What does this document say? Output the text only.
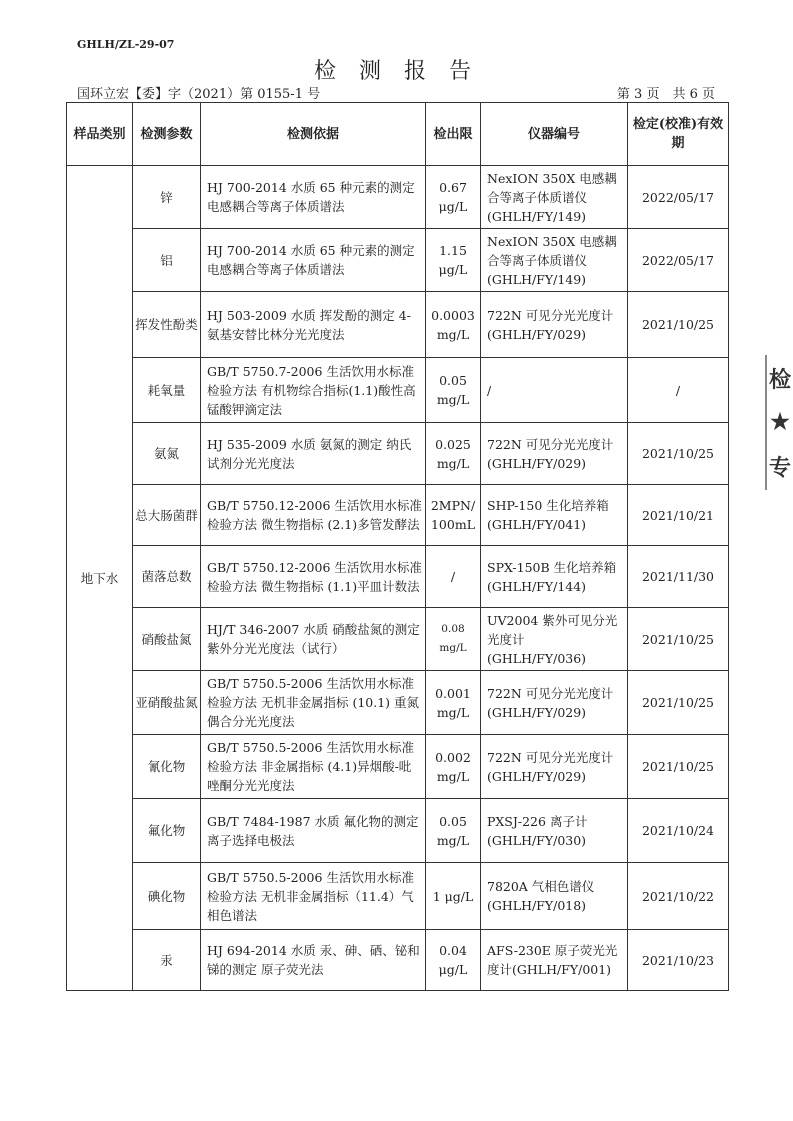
GHLH/ZL-29-07
检 测 报 告
国环立宏【委】字（2021）第 0155-1 号	第 3 页　共 6 页
样品类别	检测参数	检测依据	检出限	仪器编号	检定(校准)有效期
地下水	锌	HJ 700-2014 水质 65 种元素的测定 电感耦合等离子体质谱法	0.67 μg/L	NexION 350X 电感耦合等离子体质谱仪 (GHLH/FY/149)	2022/05/17
	铝	HJ 700-2014 水质 65 种元素的测定 电感耦合等离子体质谱法	1.15 μg/L	NexION 350X 电感耦合等离子体质谱仪 (GHLH/FY/149)	2022/05/17
	挥发性酚类	HJ 503-2009 水质 挥发酚的测定 4-氨基安替比林分光光度法	0.0003 mg/L	722N 可见分光光度计 (GHLH/FY/029)	2021/10/25
	耗氧量	GB/T 5750.7-2006 生活饮用水标准检验方法 有机物综合指标(1.1)酸性高锰酸钾滴定法	0.05 mg/L	/	/
	氨氮	HJ 535-2009 水质 氨氮的测定 纳氏试剂分光光度法	0.025 mg/L	722N 可见分光光度计 (GHLH/FY/029)	2021/10/25
	总大肠菌群	GB/T 5750.12-2006 生活饮用水标准检验方法 微生物指标 (2.1)多管发酵法	2MPN/ 100mL	SHP-150 生化培养箱 (GHLH/FY/041)	2021/10/21
	菌落总数	GB/T 5750.12-2006 生活饮用水标准检验方法 微生物指标 (1.1)平皿计数法	/	SPX-150B 生化培养箱 (GHLH/FY/144)	2021/11/30
	硝酸盐氮	HJ/T 346-2007 水质 硝酸盐氮的测定 紫外分光光度法（试行）	0.08 mg/L	UV2004 紫外可见分光光度计 (GHLH/FY/036)	2021/10/25
	亚硝酸盐氮	GB/T 5750.5-2006 生活饮用水标准检验方法 无机非金属指标 (10.1) 重氮偶合分光光度法	0.001 mg/L	722N 可见分光光度计 (GHLH/FY/029)	2021/10/25
	氰化物	GB/T 5750.5-2006 生活饮用水标准检验方法 非金属指标 (4.1)异烟酸-吡唑酮分光光度法	0.002 mg/L	722N 可见分光光度计 (GHLH/FY/029)	2021/10/25
	氟化物	GB/T 7484-1987 水质 氟化物的测定 离子选择电极法	0.05 mg/L	PXSJ-226 离子计 (GHLH/FY/030)	2021/10/24
	碘化物	GB/T 5750.5-2006 生活饮用水标准检验方法 无机非金属指标（11.4）气相色谱法	1 μg/L	7820A 气相色谱仪 (GHLH/FY/018)	2021/10/22
	汞	HJ 694-2014 水质 汞、砷、硒、铋和锑的测定 原子荧光法	0.04 μg/L	AFS-230E 原子荧光光度计(GHLH/FY/001)	2021/10/23
检
★
专
